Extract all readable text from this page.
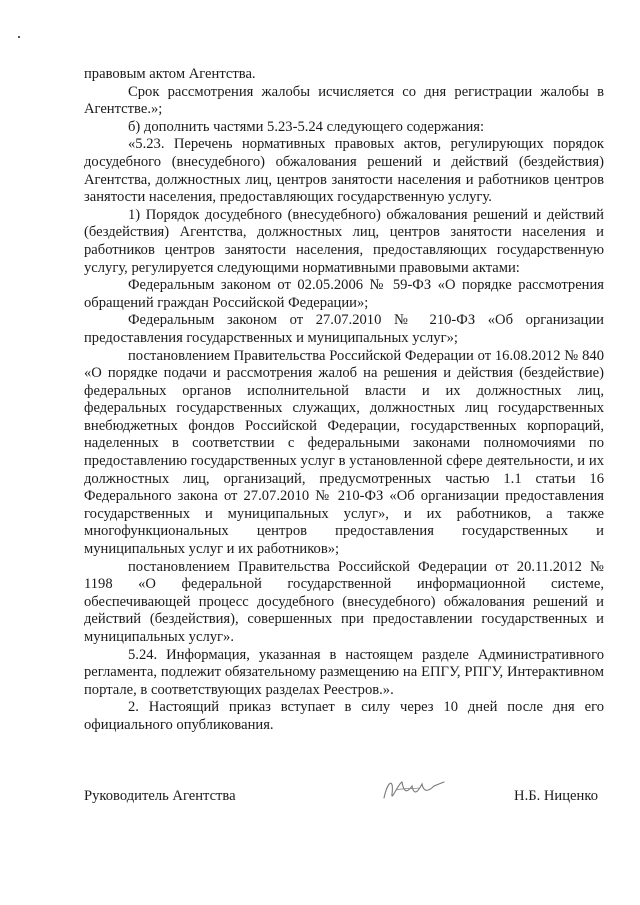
правовым актом Агентства.

Срок рассмотрения жалобы исчисляется со дня регистрации жалобы в Агентстве.»;

б) дополнить частями 5.23-5.24 следующего содержания:

«5.23. Перечень нормативных правовых актов, регулирующих порядок досудебного (внесудебного) обжалования решений и действий (бездействия) Агентства, должностных лиц, центров занятости населения и работников центров занятости населения, предоставляющих государственную услугу.

1) Порядок досудебного (внесудебного) обжалования решений и действий (бездействия) Агентства, должностных лиц, центров занятости населения и работников центров занятости населения, предоставляющих государственную услугу, регулируется следующими нормативными правовыми актами:

Федеральным законом от 02.05.2006 № 59-ФЗ «О порядке рассмотрения обращений граждан Российской Федерации»;

Федеральным законом от 27.07.2010 № 210-ФЗ «Об организации предоставления государственных и муниципальных услуг»;

постановлением Правительства Российской Федерации от 16.08.2012 № 840 «О порядке подачи и рассмотрения жалоб на решения и действия (бездействие) федеральных органов исполнительной власти и их должностных лиц, федеральных государственных служащих, должностных лиц государственных внебюджетных фондов Российской Федерации, государственных корпораций, наделенных в соответствии с федеральными законами полномочиями по предоставлению государственных услуг в установленной сфере деятельности, и их должностных лиц, организаций, предусмотренных частью 1.1 статьи 16 Федерального закона от 27.07.2010 № 210-ФЗ «Об организации предоставления государственных и муниципальных услуг», и их работников, а также многофункциональных центров предоставления государственных и муниципальных услуг и их работников»;

постановлением Правительства Российской Федерации от 20.11.2012 № 1198 «О федеральной государственной информационной системе, обеспечивающей процесс досудебного (внесудебного) обжалования решений и действий (бездействия), совершенных при предоставлении государственных и муниципальных услуг».

5.24. Информация, указанная в настоящем разделе Административного регламента, подлежит обязательному размещению на ЕПГУ, РПГУ, Интерактивном портале, в соответствующих разделах Реестров.».

2. Настоящий приказ вступает в силу через 10 дней после дня его официального опубликования.

Руководитель Агентства	Н.Б. Ниценко
